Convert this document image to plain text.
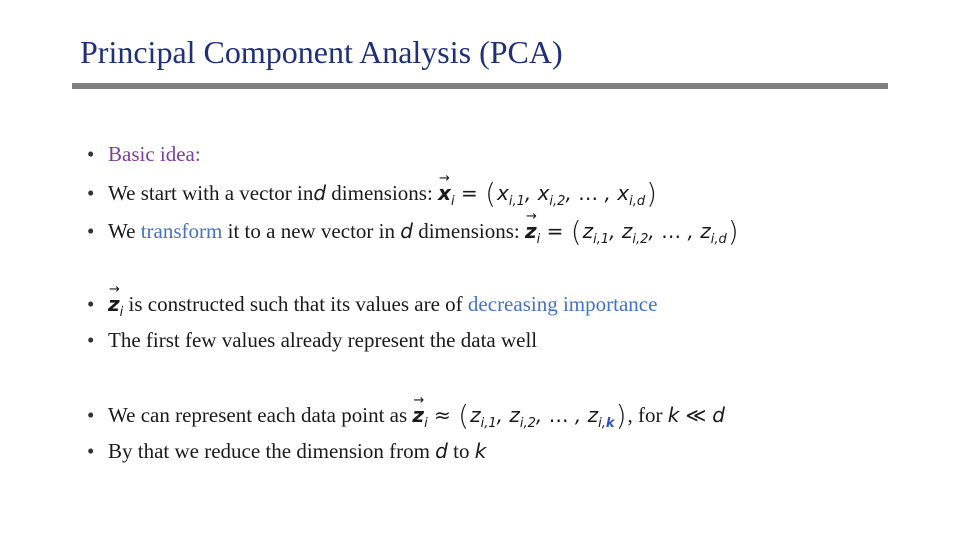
Principal Component Analysis (PCA)
• Basic idea:
• We start with a vector in d dimensions: → $x_i = (x_{i,1}$, $x_{i,2}$, … , $x_{i,d}$)
• We transform it to a new vector in d dimensions: → $z_i = (z_{i,1}$, $z_{i,2}$, … , $z_{i,d}$)
• → $z_i$ is constructed such that its values are of decreasing importance
• The first few values already represent the data well
• We can represent each data point as → $z_i \approx (z_{i,1}$, $z_{i,2}$, … , $z_{i,k}$) , for k ≪ d
• By that we reduce the dimension from d to k
